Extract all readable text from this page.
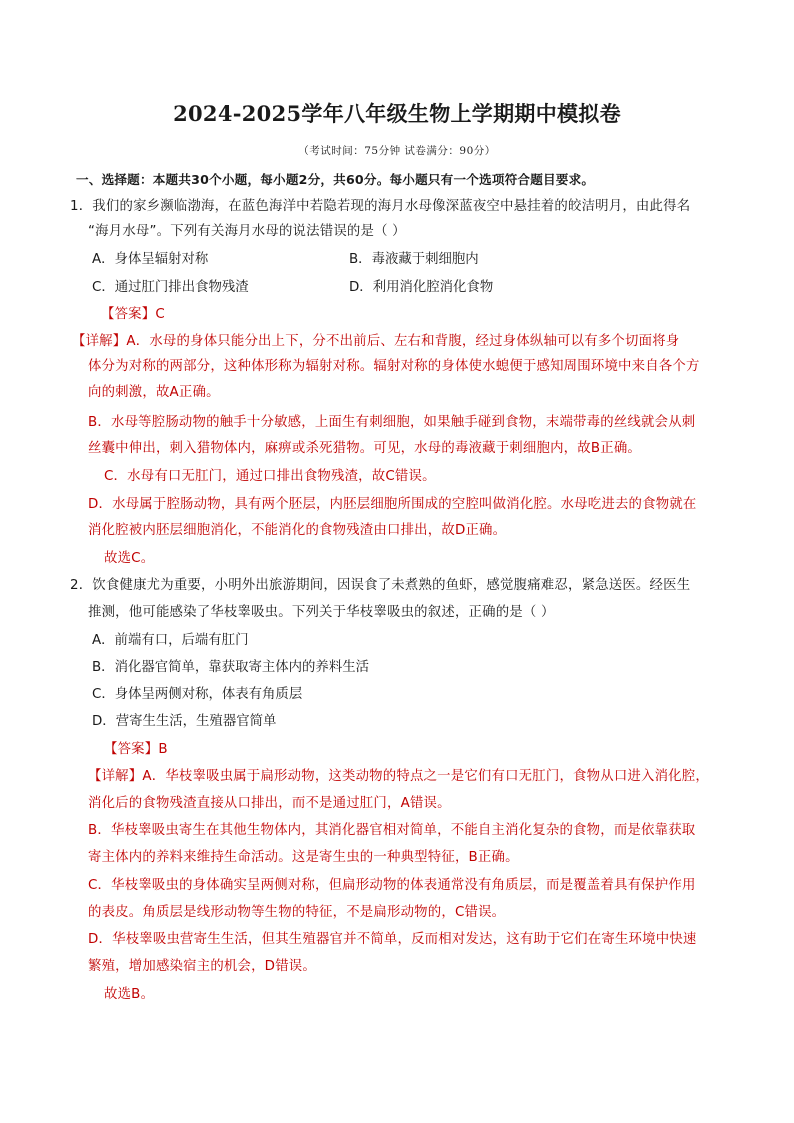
2024-2025学年八年级生物上学期期中模拟卷
（考试时间：75分钟 试卷满分：90分）
一、选择题：本题共30个小题，每小题2分，共60分。每小题只有一个选项符合题目要求。
1．我们的家乡濒临渤海，在蓝色海洋中若隐若现的海月水母像深蓝夜空中悬挂着的皎洁明月，由此得名
“海月水母”。下列有关海月水母的说法错误的是（ ）
A．身体呈辐射对称	B．毒液藏于刺细胞内
C．通过肛门排出食物残渣	D．利用消化腔消化食物
【答案】C
【详解】A．水母的身体只能分出上下，分不出前后、左右和背腹，经过身体纵轴可以有多个切面将身
体分为对称的两部分，这种体形称为辐射对称。辐射对称的身体使水螅便于感知周围环境中来自各个方
向的刺激，故A正确。
B．水母等腔肠动物的触手十分敏感，上面生有刺细胞，如果触手碰到食物，末端带毒的丝线就会从刺
丝囊中伸出，刺入猎物体内，麻痹或杀死猎物。可见，水母的毒液藏于刺细胞内，故B正确。
C．水母有口无肛门，通过口排出食物残渣，故C错误。
D．水母属于腔肠动物，具有两个胚层，内胚层细胞所围成的空腔叫做消化腔。水母吃进去的食物就在
消化腔被内胚层细胞消化，不能消化的食物残渣由口排出，故D正确。
故选C。
2．饮食健康尤为重要，小明外出旅游期间，因误食了未煮熟的鱼虾，感觉腹痛难忍，紧急送医。经医生
推测，他可能感染了华枝睾吸虫。下列关于华枝睾吸虫的叙述，正确的是（ ）
A．前端有口，后端有肛门
B．消化器官简单，靠获取寄主体内的养料生活
C．身体呈两侧对称，体表有角质层
D．营寄生生活，生殖器官简单
【答案】B
【详解】A．华枝睾吸虫属于扁形动物，这类动物的特点之一是它们有口无肛门，食物从口进入消化腔，
消化后的食物残渣直接从口排出，而不是通过肛门，A错误。
B．华枝睾吸虫寄生在其他生物体内，其消化器官相对简单，不能自主消化复杂的食物，而是依靠获取
寄主体内的养料来维持生命活动。这是寄生虫的一种典型特征，B正确。
C．华枝睾吸虫的身体确实呈两侧对称，但扁形动物的体表通常没有角质层，而是覆盖着具有保护作用
的表皮。角质层是线形动物等生物的特征，不是扁形动物的，C错误。
D．华枝睾吸虫营寄生生活，但其生殖器官并不简单，反而相对发达，这有助于它们在寄生环境中快速
繁殖，增加感染宿主的机会，D错误。
故选B。
